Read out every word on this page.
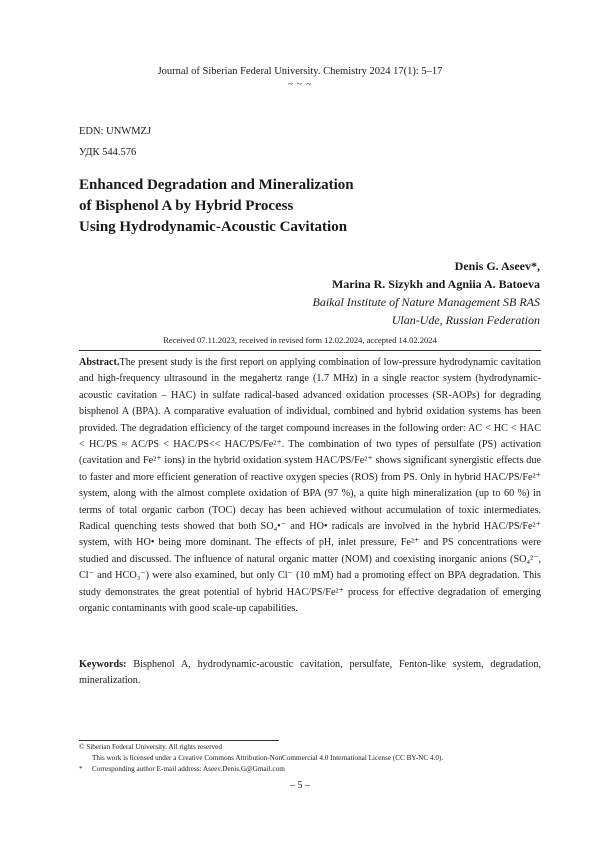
Journal of Siberian Federal University. Chemistry 2024 17(1): 5–17
~ ~ ~
EDN: UNWMZJ
УДК 544.576
Enhanced Degradation and Mineralization
of Bisphenol A by Hybrid Process
Using Hydrodynamic-Acoustic Cavitation
Denis G. Aseev*,
Marina R. Sizykh and Agniia A. Batoeva
Baikal Institute of Nature Management SB RAS
Ulan-Ude, Russian Federation
Received 07.11.2023, received in revised form 12.02.2024, accepted 14.02.2024

Abstract.The present study is the first report on applying combination of low-pressure hydrodynamic cavitation and high-frequency ultrasound in the megahertz range (1.7 MHz) in a single reactor system (hydrodynamic-acoustic cavitation – HAC) in sulfate radical-based advanced oxidation processes (SR-AOPs) for degrading bisphenol A (BPA). A comparative evaluation of individual, combined and hybrid oxidation systems has been provided. The degradation efficiency of the target compound increases in the following order: AC < HC < HAC < HC/PS ≈ AC/PS < HAC/PS<< HAC/PS/Fe²⁺. The combination of two types of persulfate (PS) activation (cavitation and Fe²⁺ ions) in the hybrid oxidation system HAC/PS/Fe²⁺ shows significant synergistic effects due to faster and more efficient generation of reactive oxygen species (ROS) from PS. Only in hybrid HAC/PS/Fe²⁺ system, along with the almost complete oxidation of BPA (97 %), a quite high mineralization (up to 60 %) in terms of total organic carbon (TOC) decay has been achieved without accumulation of toxic intermediates. Radical quenching tests showed that both SO₄•⁻ and HO• radicals are involved in the hybrid HAC/PS/Fe²⁺ system, with HO• being more dominant. The effects of pH, inlet pressure, Fe²⁺ and PS concentrations were studied and discussed. The influence of natural organic matter (NOM) and coexisting inorganic anions (SO₄²⁻, Cl⁻ and HCO₃⁻) were also examined, but only Cl⁻ (10 mM) had a promoting effect on BPA degradation. This study demonstrates the great potential of hybrid HAC/PS/Fe²⁺ process for effective degradation of emerging organic contaminants with good scale-up capabilities.

Keywords: Bisphenol A, hydrodynamic-acoustic cavitation, persulfate, Fenton-like system, degradation, mineralization.

© Siberian Federal University. All rights reserved
This work is licensed under a Creative Commons Attribution-NonCommercial 4.0 International License (CC BY-NC 4.0).
* Corresponding author E-mail address: Aseev.Denis.G@Gmail.com
– 5 –
